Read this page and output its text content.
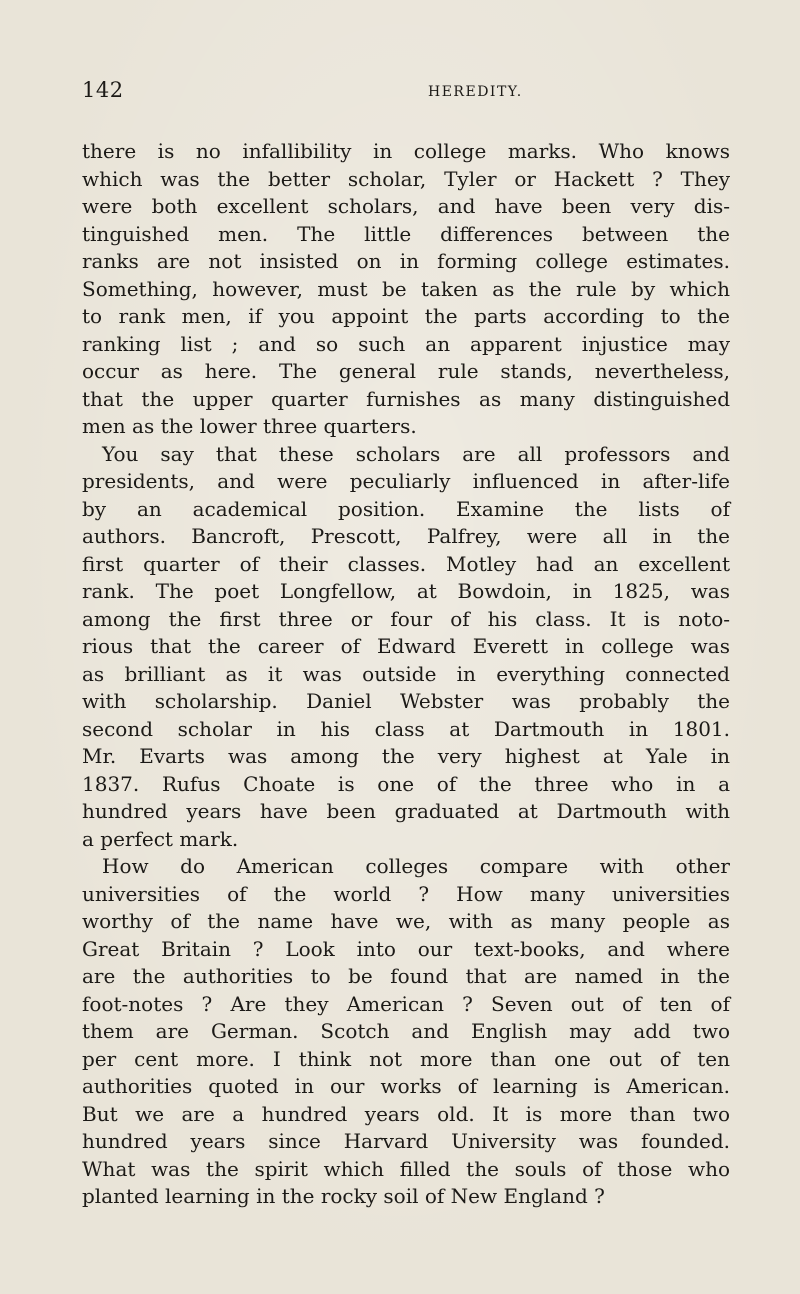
142	HEREDITY.
there is no infallibility in college marks. Who knows
which was the better scholar, Tyler or Hackett ? They
were both excellent scholars, and have been very dis-
tinguished men. The little differences between the
ranks are not insisted on in forming college estimates.
Something, however, must be taken as the rule by which
to rank men, if you appoint the parts according to the
ranking list ; and so such an apparent injustice may
occur as here. The general rule stands, nevertheless,
that the upper quarter furnishes as many distinguished
men as the lower three quarters.
You say that these scholars are all professors and
presidents, and were peculiarly influenced in after-life
by an academical position. Examine the lists of
authors. Bancroft, Prescott, Palfrey, were all in the
first quarter of their classes. Motley had an excellent
rank. The poet Longfellow, at Bowdoin, in 1825, was
among the first three or four of his class. It is noto-
rious that the career of Edward Everett in college was
as brilliant as it was outside in everything connected
with scholarship. Daniel Webster was probably the
second scholar in his class at Dartmouth in 1801.
Mr. Evarts was among the very highest at Yale in
1837. Rufus Choate is one of the three who in a
hundred years have been graduated at Dartmouth with
a perfect mark.
How do American colleges compare with other
universities of the world ? How many universities
worthy of the name have we, with as many people as
Great Britain ? Look into our text-books, and where
are the authorities to be found that are named in the
foot-notes ? Are they American ? Seven out of ten of
them are German. Scotch and English may add two
per cent more. I think not more than one out of ten
authorities quoted in our works of learning is American.
But we are a hundred years old. It is more than two
hundred years since Harvard University was founded.
What was the spirit which filled the souls of those who
planted learning in the rocky soil of New England ?
